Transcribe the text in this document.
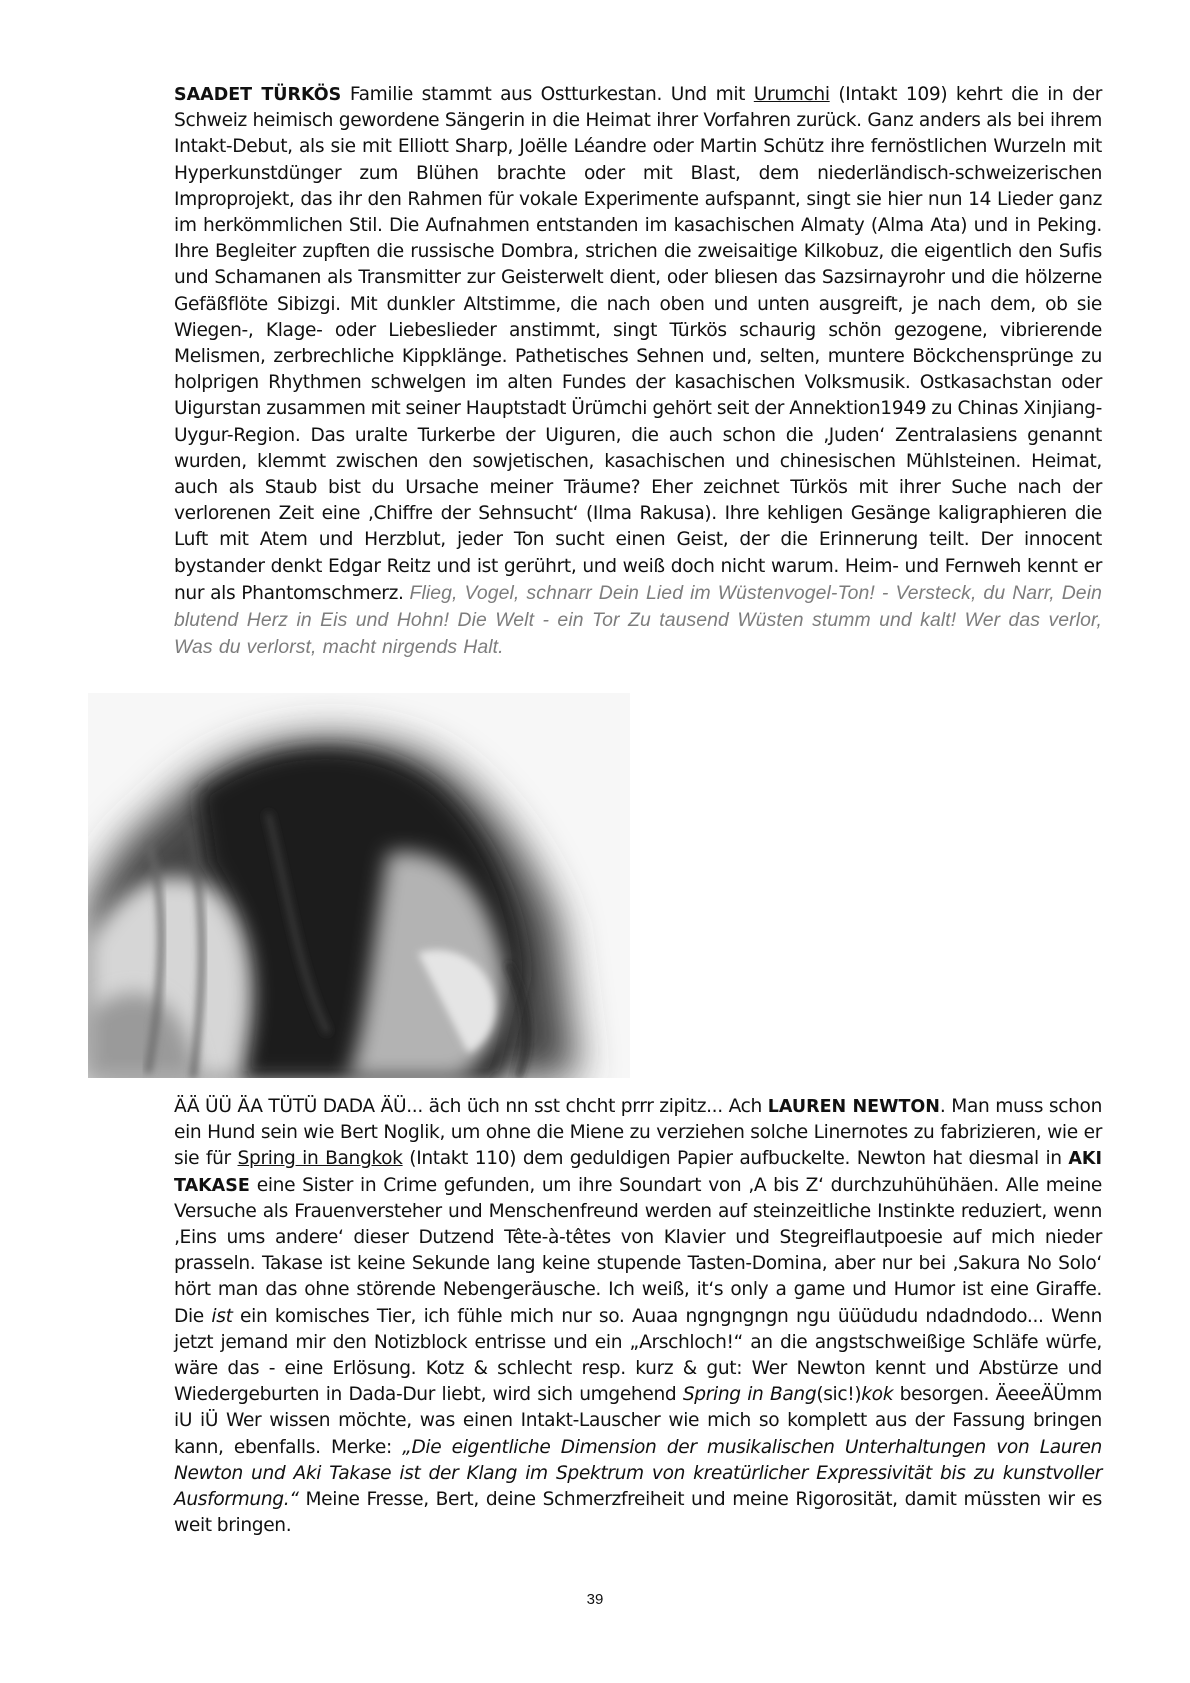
SAADET TÜRKÖS Familie stammt aus Ostturkestan. Und mit Urumchi (Intakt 109) kehrt die in der Schweiz heimisch gewordene Sängerin in die Heimat ihrer Vorfahren zurück. Ganz anders als bei ihrem Intakt-Debut, als sie mit Elliott Sharp, Joëlle Léandre oder Martin Schütz ihre fernöstlichen Wurzeln mit Hyperkunstdünger zum Blühen brachte oder mit Blast, dem niederländisch-schweizerischen Improprojekt, das ihr den Rahmen für vokale Experimente aufspannt, singt sie hier nun 14 Lieder ganz im herkömmlichen Stil. Die Aufnahmen entstanden im kasachischen Almaty (Alma Ata) und in Peking. Ihre Begleiter zupften die russische Dombra, strichen die zweisaitige Kilkobuz, die eigentlich den Sufis und Schamanen als Transmitter zur Geisterwelt dient, oder bliesen das Sazsirnayrohr und die hölzerne Gefäßflöte Sibizgi. Mit dunkler Altstimme, die nach oben und unten ausgreift, je nach dem, ob sie Wiegen-, Klage- oder Liebeslieder anstimmt, singt Türkös schaurig schön gezogene, vibrierende Melismen, zerbrechliche Kippklänge. Pathetisches Sehnen und, selten, muntere Böckchensprünge zu holprigen Rhythmen schwelgen im alten Fundes der kasachischen Volksmusik. Ostkasachstan oder Uigurstan zusammen mit seiner Hauptstadt Ürümchi gehört seit der Annektion1949 zu Chinas Xinjiang-Uygur-Region. Das uralte Turkerbe der Uiguren, die auch schon die ‚Juden‘ Zentralasiens genannt wurden, klemmt zwischen den sowjetischen, kasachischen und chinesischen Mühlsteinen. Heimat, auch als Staub bist du Ursache meiner Träume? Eher zeichnet Türkös mit ihrer Suche nach der verlorenen Zeit eine ‚Chiffre der Sehnsucht‘ (Ilma Rakusa). Ihre kehligen Gesänge kaligraphieren die Luft mit Atem und Herzblut, jeder Ton sucht einen Geist, der die Erinnerung teilt. Der innocent bystander denkt Edgar Reitz und ist gerührt, und weiß doch nicht warum. Heim- und Fernweh kennt er nur als Phantomschmerz. Flieg, Vogel, schnarr Dein Lied im Wüstenvogel-Ton! - Versteck, du Narr, Dein blutend Herz in Eis und Hohn! Die Welt - ein Tor Zu tausend Wüsten stumm und kalt! Wer das verlor, Was du verlorst, macht nirgends Halt.

ÄÄ ÜÜ ÄA TÜTÜ DADA ÄÜ... äch üch nn sst chcht prrr zipitz... Ach LAUREN NEWTON. Man muss schon ein Hund sein wie Bert Noglik, um ohne die Miene zu verziehen solche Linernotes zu fabrizieren, wie er sie für Spring in Bangkok (Intakt 110) dem geduldigen Papier aufbuckelte. Newton hat diesmal in AKI TAKASE eine Sister in Crime gefunden, um ihre Soundart von ‚A bis Z‘ durchzuhühühäen. Alle meine Versuche als Frauenversteher und Menschenfreund werden auf steinzeitliche Instinkte reduziert, wenn ‚Eins ums andere‘ dieser Dutzend Tête-à-têtes von Klavier und Stegreiflautpoesie auf mich nieder prasseln. Takase ist keine Sekunde lang keine stupende Tasten-Domina, aber nur bei ‚Sakura No Solo‘ hört man das ohne störende Nebengeräusche. Ich weiß, it‘s only a game und Humor ist eine Giraffe. Die ist ein komisches Tier, ich fühle mich nur so. Auaa ngngngngn ngu üüüdudu ndadndodo... Wenn jetzt jemand mir den Notizblock entrisse und ein „Arschloch!“ an die angstschweißige Schläfe würfe, wäre das - eine Erlösung. Kotz & schlecht resp. kurz & gut: Wer Newton kennt und Abstürze und Wiedergeburten in Dada-Dur liebt, wird sich umgehend Spring in Bang(sic!)kok besorgen. ÄeeeÄÜmm iU iÜ Wer wissen möchte, was einen Intakt-Lauscher wie mich so komplett aus der Fassung bringen kann, ebenfalls. Merke: „Die eigentliche Dimension der musikalischen Unterhaltungen von Lauren Newton und Aki Takase ist der Klang im Spektrum von kreatürlicher Expressivität bis zu kunstvoller Ausformung.“ Meine Fresse, Bert, deine Schmerzfreiheit und meine Rigorosität, damit müssten wir es weit bringen.

39
